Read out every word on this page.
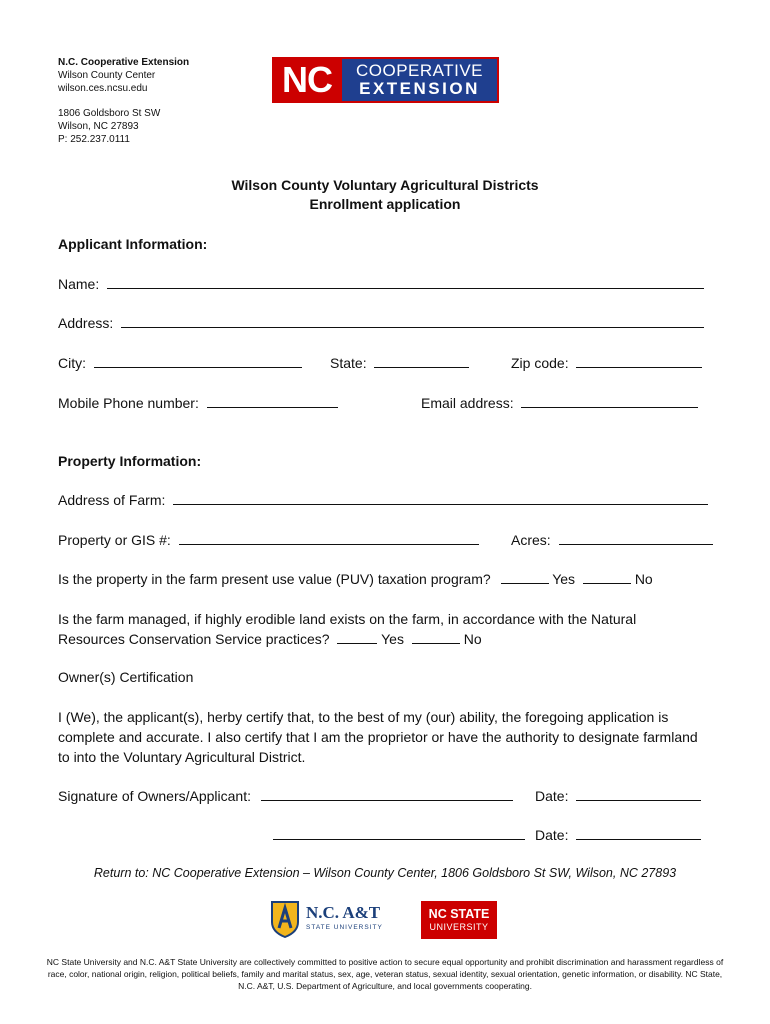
N.C. Cooperative Extension
Wilson County Center
wilson.ces.ncsu.edu
1806 Goldsboro St SW
Wilson, NC 27893
P: 252.237.0111
NC	COOPERATIVE
EXTENSION
Wilson County Voluntary Agricultural Districts
Enrollment application
Applicant Information:
Name:
Address:
City:	State:	Zip code:
Mobile Phone number:	Email address:
Property Information:
Address of Farm:
Property or GIS #:	Acres:
Is the property in the farm present use value (PUV) taxation program?	Yes	No
Is the farm managed, if highly erodible land exists on the farm, in accordance with the Natural Resources Conservation Service practices?	Yes	No
Owner(s) Certification
I (We), the applicant(s), herby certify that, to the best of my (our) ability, the foregoing application is complete and accurate. I also certify that I am the proprietor or have the authority to designate farmland to into the Voluntary Agricultural District.
Signature of Owners/Applicant:	Date:
Date:
Return to: NC Cooperative Extension – Wilson County Center, 1806 Goldsboro St SW, Wilson, NC 27893
N.C. A&T
STATE UNIVERSITY
NC STATE
UNIVERSITY
NC State University and N.C. A&T State University are collectively committed to positive action to secure equal opportunity and prohibit discrimination and harassment regardless of race, color, national origin, religion, political beliefs, family and marital status, sex, age, veteran status, sexual identity, sexual orientation, genetic information, or disability. NC State, N.C. A&T, U.S. Department of Agriculture, and local governments cooperating.
